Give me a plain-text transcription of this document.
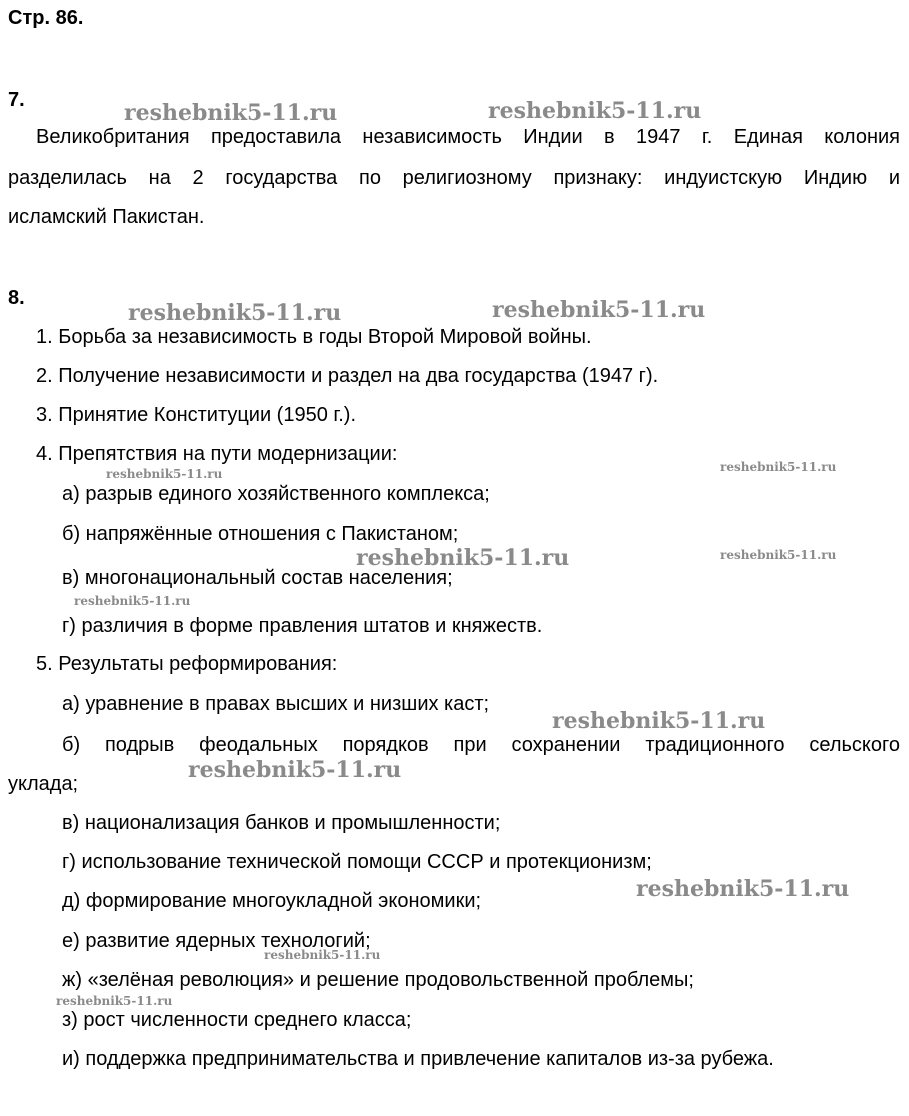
Стр. 86.
7.
Великобритания предоставила независимость Индии в 1947 г. Единая колония
разделилась на 2 государства по религиозному признаку: индуистскую Индию и
исламский Пакистан.
8.
1. Борьба за независимость в годы Второй Мировой войны.
2. Получение независимости и раздел на два государства (1947 г).
3. Принятие Конституции (1950 г.).
4. Препятствия на пути модернизации:
а) разрыв единого хозяйственного комплекса;
б) напряжённые отношения с Пакистаном;
в) многонациональный состав населения;
г) различия в форме правления штатов и княжеств.
5. Результаты реформирования:
а) уравнение в правах высших и низших каст;
б) подрыв феодальных порядков при сохранении традиционного сельского
уклада;
в) национализация банков и промышленности;
г) использование технической помощи СССР и протекционизм;
д) формирование многоукладной экономики;
е) развитие ядерных технологий;
ж) «зелёная революция» и решение продовольственной проблемы;
з) рост численности среднего класса;
и) поддержка предпринимательства и привлечение капиталов из-за рубежа.
reshebnik5-11.ru	reshebnik5-11.ru
reshebnik5-11.ru	reshebnik5-11.ru
reshebnik5-11.ru	reshebnik5-11.ru
reshebnik5-11.ru	reshebnik5-11.ru
reshebnik5-11.ru
reshebnik5-11.ru
reshebnik5-11.ru
reshebnik5-11.ru
reshebnik5-11.ru
reshebnik5-11.ru
